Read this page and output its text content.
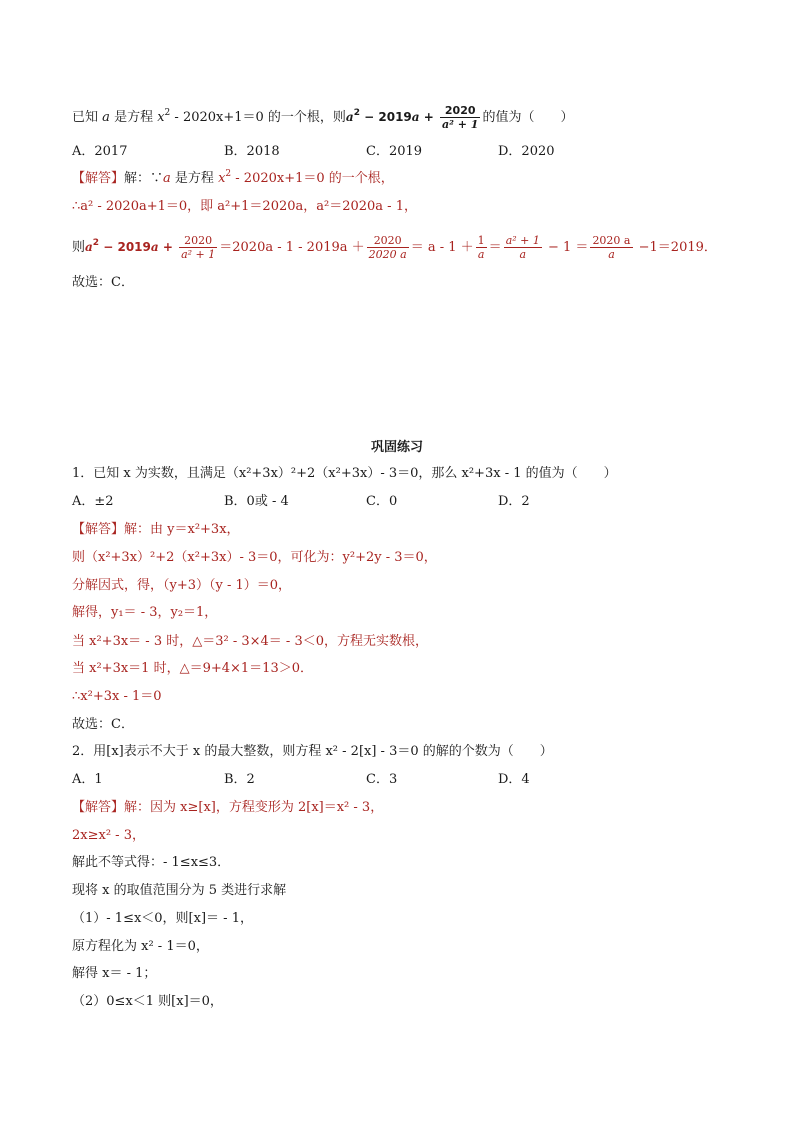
已知 a 是方程 $x^2 - 2020x+1=0$ 的一个根，则$a^2 - 2019a + \frac{2020}{\text{a² + 1}}$ 的值为（　　）
A．2017	B．2018	C．2019	D．2020
【解答】解：∵a 是方程 $x^2 - 2020x+1=0$ 的一个根，
∴a² - 2020a+1＝0，即 a²+1＝2020a，a²＝2020a - 1，
则$a^2 - 2019a + \frac{2020}{\text{a² + 1}} =2020a - 1 - 2019a + \frac{2020}{2020 a} = a - 1 + \frac{1}{a} = \frac{\text{a² + 1}}{a} - 1 = \frac{2020 a}{a} -1=2019$．
故选：C．
巩固练习
1．已知 x 为实数，且满足（x²+3x）²+2（x²+3x）- 3＝0，那么 x²+3x - 1 的值为（　　）
A．±2	B．0或 - 4	C．0	D．2
【解答】解：由 y＝x²+3x，
则（x²+3x）²+2（x²+3x）- 3＝0，可化为：y²+2y - 3＝0，
分解因式，得，（y+3）（y - 1）＝0，
解得，y₁＝ - 3，y₂＝1，
当 x²+3x＝ - 3 时，△＝3² - 3×4＝ - 3＜0，方程无实数根，
当 x²+3x＝1 时，△＝9+4×1＝13＞0．
∴x²+3x - 1＝0
故选：C．
2．用[x]表示不大于 x 的最大整数，则方程 x² - 2[x] - 3＝0 的解的个数为（　　）
A．1	B．2	C．3	D．4
【解答】解：因为 x≥[x]，方程变形为 2[x]＝x² - 3，
2x≥x² - 3，
解此不等式得：- 1≤x≤3．
现将 x 的取值范围分为 5 类进行求解
（1）- 1≤x＜0，则[x]＝ - 1，
原方程化为 x² - 1＝0，
解得 x＝ - 1；
（2）0≤x＜1 则[x]＝0，
